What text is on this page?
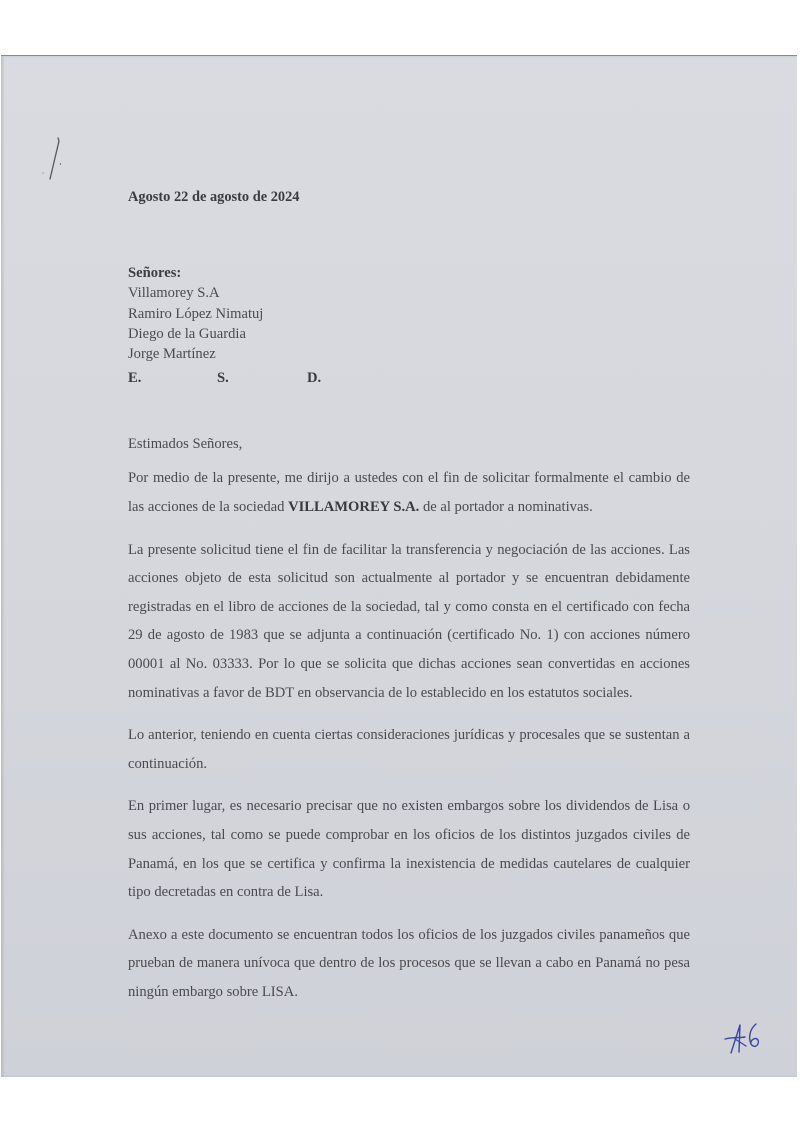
Agosto 22 de agosto de 2024

Señores:
Villamorey S.A
Ramiro López Nimatuj
Diego de la Guardia
Jorge Martínez
E.	S.	D.
Estimados Señores,

Por medio de la presente, me dirijo a ustedes con el fin de solicitar formalmente el cambio de las acciones de la sociedad VILLAMOREY S.A. de al portador a nominativas.

La presente solicitud tiene el fin de facilitar la transferencia y negociación de las acciones. Las acciones objeto de esta solicitud son actualmente al portador y se encuentran debidamente registradas en el libro de acciones de la sociedad, tal y como consta en el certificado con fecha 29 de agosto de 1983 que se adjunta a continuación (certificado No. 1) con acciones número 00001 al No. 03333. Por lo que se solicita que dichas acciones sean convertidas en acciones nominativas a favor de BDT en observancia de lo establecido en los estatutos sociales.

Lo anterior, teniendo en cuenta ciertas consideraciones jurídicas y procesales que se sustentan a continuación.

En primer lugar, es necesario precisar que no existen embargos sobre los dividendos de Lisa o sus acciones, tal como se puede comprobar en los oficios de los distintos juzgados civiles de Panamá, en los que se certifica y confirma la inexistencia de medidas cautelares de cualquier tipo decretadas en contra de Lisa.

Anexo a este documento se encuentran todos los oficios de los juzgados civiles panameños que prueban de manera unívoca que dentro de los procesos que se llevan a cabo en Panamá no pesa ningún embargo sobre LISA.
